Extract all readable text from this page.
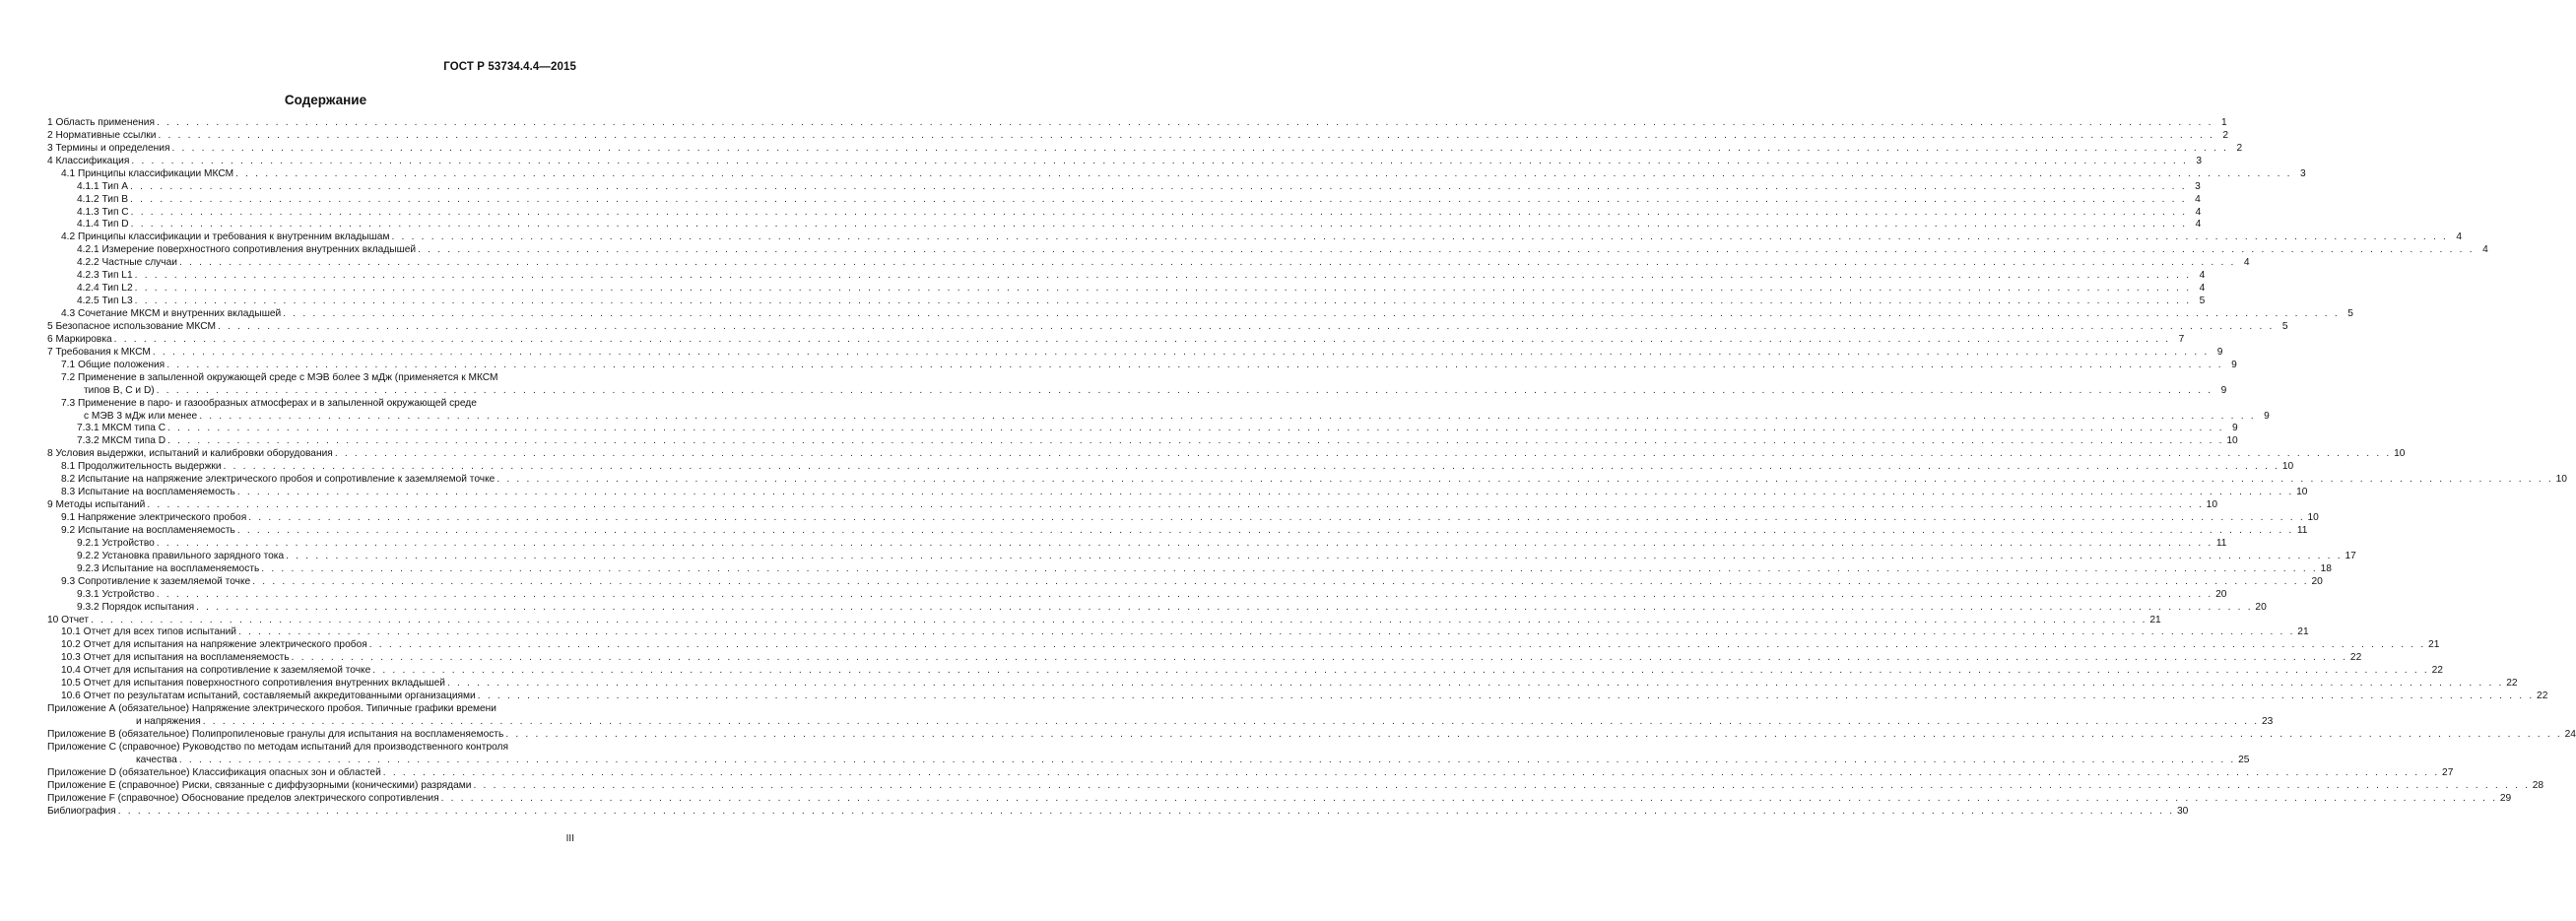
ГОСТ Р 53734.4.4—2015
Содержание
1 Область применения . . .	1
2 Нормативные ссылки . . .	2
3 Термины и определения . . .	2
4 Классификация . . .	3
4.1 Принципы классификации МКСМ . . .	3
4.1.1 Тип А . . .	3
4.1.2 Тип В . . .	4
4.1.3 Тип С . . .	4
4.1.4 Тип D . . .	4
4.2 Принципы классификации и требования к внутренним вкладышам . . .	4
4.2.1 Измерение поверхностного сопротивления внутренних вкладышей . . .	4
4.2.2 Частные случаи . . .	4
4.2.3 Тип L1 . . .	4
4.2.4 Тип L2 . . .	4
4.2.5 Тип L3 . . .	5
4.3 Сочетание МКСМ и внутренних вкладышей . . .	5
5 Безопасное использование МКСМ . . .	5
6 Маркировка . . .	7
7 Требования к МКСМ . . .	9
7.1 Общие положения . . .	9
7.2 Применение в запыленной окружающей среде с МЭВ более 3 мДж (применяется к МКСМ
типов В, С и D) . . .	9
7.3 Применение в паро- и газообразных атмосферах и в запыленной окружающей среде
с МЭВ 3 мДж или менее . . .	9
7.3.1 МКСМ типа С . . .	9
7.3.2 МКСМ типа D . . .	10
8 Условия выдержки, испытаний и калибровки оборудования . . .	10
8.1 Продолжительность выдержки . . .	10
8.2 Испытание на напряжение электрического пробоя и сопротивление к заземляемой точке . . .	10
8.3 Испытание на воспламеняемость . . .	10
9 Методы испытаний . . .	10
9.1 Напряжение электрического пробоя . . .	10
9.2 Испытание на воспламеняемость . . .	11
9.2.1 Устройство . . .	11
9.2.2 Установка правильного зарядного тока . . .	17
9.2.3 Испытание на воспламеняемость . . .	18
9.3 Сопротивление к заземляемой точке . . .	20
9.3.1 Устройство . . .	20
9.3.2 Порядок испытания . . .	20
10 Отчет . . .	21
10.1 Отчет для всех типов испытаний . . .	21
10.2 Отчет для испытания на напряжение электрического пробоя . . .	21
10.3 Отчет для испытания на воспламеняемость . . .	22
10.4 Отчет для испытания на сопротивление к заземляемой точке . . .	22
10.5 Отчет для испытания поверхностного сопротивления внутренних вкладышей . . .	22
10.6 Отчет по результатам испытаний, составляемый аккредитованными организациями . . .	22
Приложение А (обязательное) Напряжение электрического пробоя. Типичные графики времени
и напряжения . . .	23
Приложение В (обязательное) Полипропиленовые гранулы для испытания на воспламеняемость . . .	24
Приложение С (справочное) Руководство по методам испытаний для производственного контроля
качества . . .	25
Приложение D (обязательное) Классификация опасных зон и областей . . .	27
Приложение Е (справочное) Риски, связанные с диффузорными (коническими) разрядами . . .	28
Приложение F (справочное) Обоснование пределов электрического сопротивления . . .	29
Библиография . . .	30
III
